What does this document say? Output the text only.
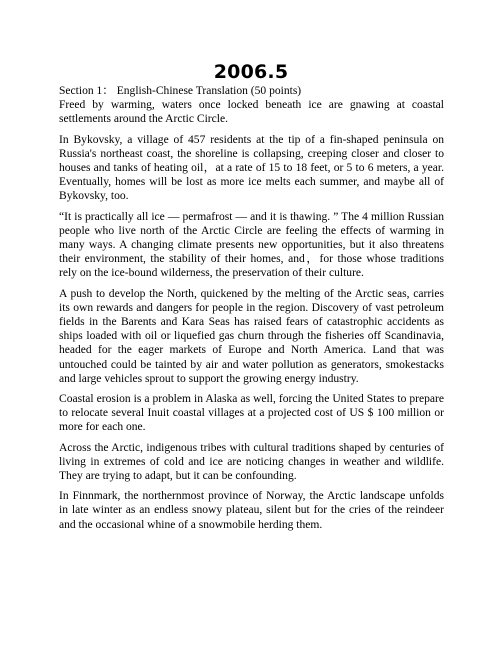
2006.5

Section 1： English-Chinese Translation (50 points)

Freed by warming, waters once locked beneath ice are gnawing at coastal settlements around the Arctic Circle.

In Bykovsky, a village of 457 residents at the tip of a fin-shaped peninsula on Russia's northeast coast, the shoreline is collapsing, creeping closer and closer to houses and tanks of heating oil，at a rate of 15 to 18 feet, or 5 to 6 meters, a year. Eventually, homes will be lost as more ice melts each summer, and maybe all of Bykovsky, too.

“It is practically all ice — permafrost — and it is thawing. ” The 4 million Russian people who live north of the Arctic Circle are feeling the effects of warming in many ways. A changing climate presents new opportunities, but it also threatens their environment, the stability of their homes, and，for those whose traditions rely on the ice-bound wilderness, the preservation of their culture.

A push to develop the North, quickened by the melting of the Arctic seas, carries its own rewards and dangers for people in the region. Discovery of vast petroleum fields in the Barents and Kara Seas has raised fears of catastrophic accidents as ships loaded with oil or liquefied gas churn through the fisheries off Scandinavia, headed for the eager markets of Europe and North America. Land that was untouched could be tainted by air and water pollution as generators, smokestacks and large vehicles sprout to support the growing energy industry.

Coastal erosion is a problem in Alaska as well, forcing the United States to prepare to relocate several Inuit coastal villages at a projected cost of US $ 100 million or more for each one.

Across the Arctic, indigenous tribes with cultural traditions shaped by centuries of living in extremes of cold and ice are noticing changes in weather and wildlife. They are trying to adapt, but it can be confounding.

In Finnmark, the northernmost province of Norway, the Arctic landscape unfolds in late winter as an endless snowy plateau, silent but for the cries of the reindeer and the occasional whine of a snowmobile herding them.
